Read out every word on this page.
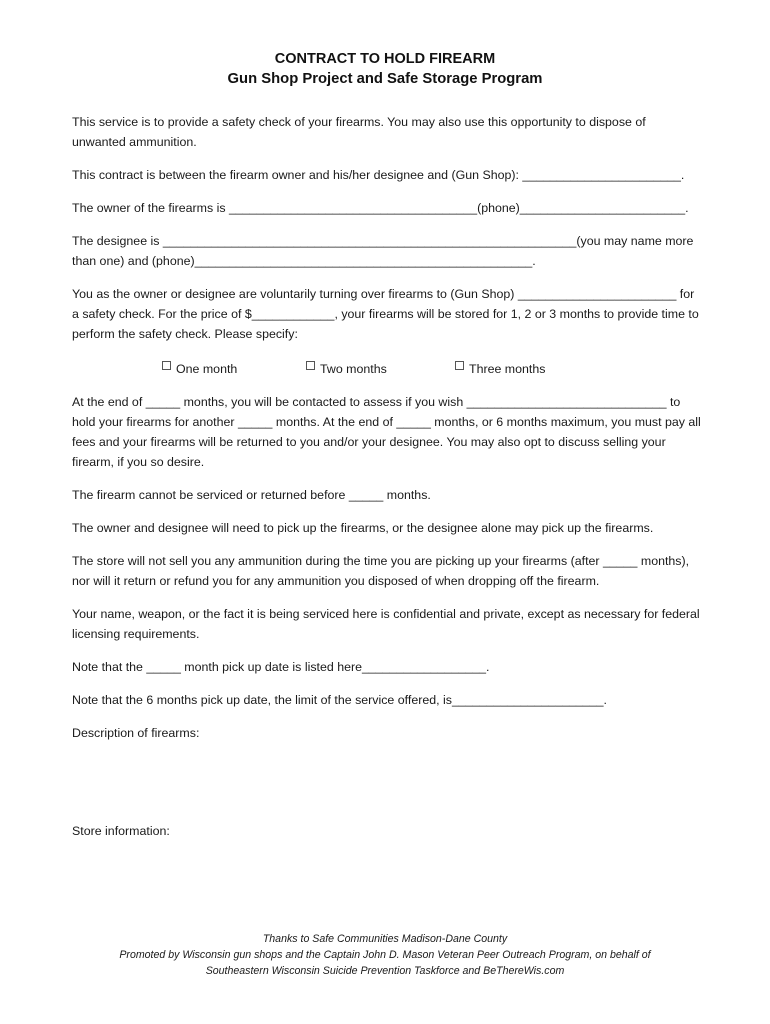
CONTRACT TO HOLD FIREARM
Gun Shop Project and Safe Storage Program
This service is to provide a safety check of your firearms. You may also use this opportunity to dispose of unwanted ammunition.
This contract is between the firearm owner and his/her designee and (Gun Shop): _______________________.
The owner of the firearms is ____________________________________(phone)________________________.
The designee is ____________________________________________________________(you may name more than one) and (phone)_________________________________________________.
You as the owner or designee are voluntarily turning over firearms to (Gun Shop) _______________________ for a safety check. For the price of $____________, your firearms will be stored for 1, 2 or 3 months to provide time to perform the safety check. Please specify:
One month	Two months	Three months
At the end of _____ months, you will be contacted to assess if you wish _____________________________ to hold your firearms for another _____ months. At the end of _____ months, or 6 months maximum, you must pay all fees and your firearms will be returned to you and/or your designee. You may also opt to discuss selling your firearm, if you so desire.
The firearm cannot be serviced or returned before _____ months.
The owner and designee will need to pick up the firearms, or the designee alone may pick up the firearms.
The store will not sell you any ammunition during the time you are picking up your firearms (after _____ months), nor will it return or refund you for any ammunition you disposed of when dropping off the firearm.
Your name, weapon, or the fact it is being serviced here is confidential and private, except as necessary for federal licensing requirements.
Note that the _____ month pick up date is listed here__________________.
Note that the 6 months pick up date, the limit of the service offered, is______________________.
Description of firearms:
Store information:
Thanks to Safe Communities Madison-Dane County
Promoted by Wisconsin gun shops and the Captain John D. Mason Veteran Peer Outreach Program, on behalf of
Southeastern Wisconsin Suicide Prevention Taskforce and BeThereWis.com
